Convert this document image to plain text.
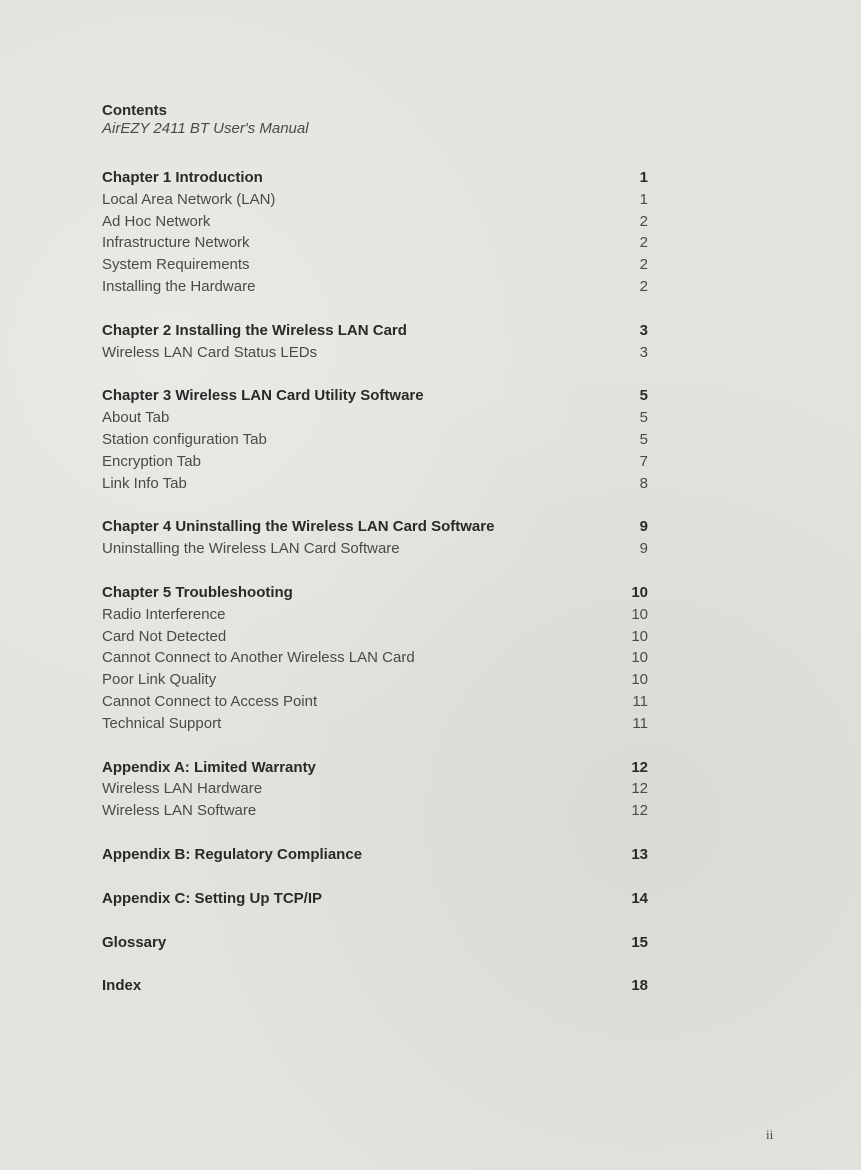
Contents
AirEZY 2411 BT User's Manual
Chapter 1 Introduction	1
Local Area Network (LAN)	1
Ad Hoc Network	2
Infrastructure Network	2
System Requirements	2
Installing the Hardware	2
Chapter 2 Installing the Wireless LAN Card	3
Wireless LAN Card Status LEDs	3
Chapter 3 Wireless LAN Card Utility Software	5
About Tab	5
Station configuration Tab	5
Encryption Tab	7
Link Info Tab	8
Chapter 4 Uninstalling the Wireless LAN Card Software	9
Uninstalling the Wireless LAN Card Software	9
Chapter 5 Troubleshooting	10
Radio Interference	10
Card Not Detected	10
Cannot Connect to Another Wireless LAN Card	10
Poor Link Quality	10
Cannot Connect to Access Point	11
Technical Support	11
Appendix A: Limited Warranty	12
Wireless LAN Hardware	12
Wireless LAN Software	12
Appendix B: Regulatory Compliance	13
Appendix C: Setting Up TCP/IP	14
Glossary	15
Index	18
ii
